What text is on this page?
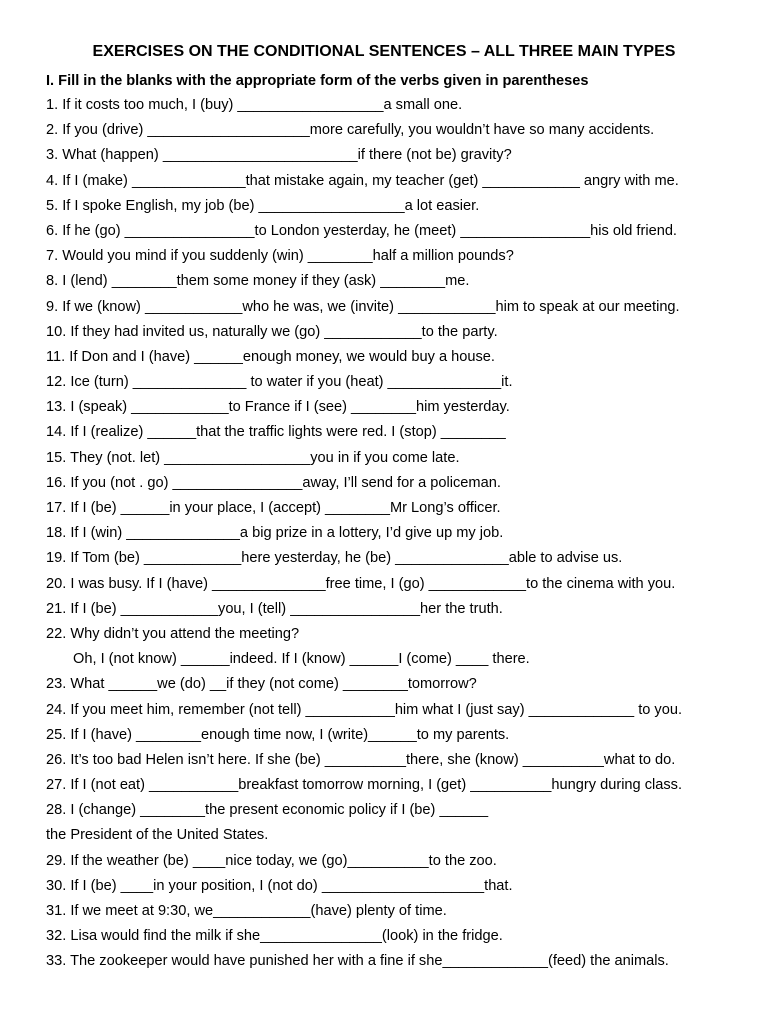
EXERCISES ON THE CONDITIONAL SENTENCES – ALL THREE MAIN TYPES
I. Fill in the blanks with the appropriate form of the verbs given in parentheses
1. If it costs too much, I (buy) __________________a small one.
2. If you (drive) ____________________more carefully, you wouldn’t have so many accidents.
3. What (happen) ________________________if there (not be) gravity?
4. If I (make) ______________that mistake again, my teacher (get) ____________ angry with me.
5. If I spoke English, my job (be) __________________a lot easier.
6. If he (go) ________________to London yesterday, he (meet) ________________his old friend.
7. Would you mind if you suddenly (win) ________half a million pounds?
8. I (lend) ________them some money if they (ask) ________me.
9. If we (know) ____________who he was, we (invite) ____________him to speak at our meeting.
10. If they had invited us, naturally we (go) ____________to the party.
11. If Don and I (have) ______enough money, we would buy a house.
12. Ice (turn) ______________ to water if you (heat) ______________it.
13. I (speak) ____________to France if I (see) ________him yesterday.
14. If I (realize) ______that the traffic lights were red. I (stop) ________
15. They (not. let) __________________you in if you come late.
16. If you (not . go) ________________away, I’ll send for a policeman.
17. If I (be) ______in your place, I (accept) ________Mr Long’s officer.
18. If I (win) ______________a big prize in a lottery, I’d give up my job.
19. If Tom (be) ____________here yesterday, he (be) ______________able to advise us.
20. I was busy. If I (have) ______________free time, I (go) ____________to the cinema with you.
21. If I (be) ____________you, I (tell) ________________her the truth.
22. Why didn’t you attend the meeting?
Oh, I (not know) ______indeed. If I (know) ______I (come) ____ there.
23. What ______we (do) __if they (not come) ________tomorrow?
24. If you meet him, remember (not tell) ___________him what I (just say) _____________ to you.
25. If I (have) ________enough time now, I (write)______to my parents.
26. It’s too bad Helen isn’t here. If she (be) __________there, she (know) __________what to do.
27. If I (not eat) ___________breakfast tomorrow morning, I (get) __________hungry during class.
28. I (change) ________the present economic policy if I (be) ______
the President of the United States.
29. If the weather (be) ____nice today, we (go)__________to the zoo.
30. If I (be) ____in your position, I (not do) ____________________that.
31. If we meet at 9:30, we____________(have) plenty of time.
32. Lisa would find the milk if she_______________(look) in the fridge.
33. The zookeeper would have punished her with a fine if she_____________(feed) the animals.
